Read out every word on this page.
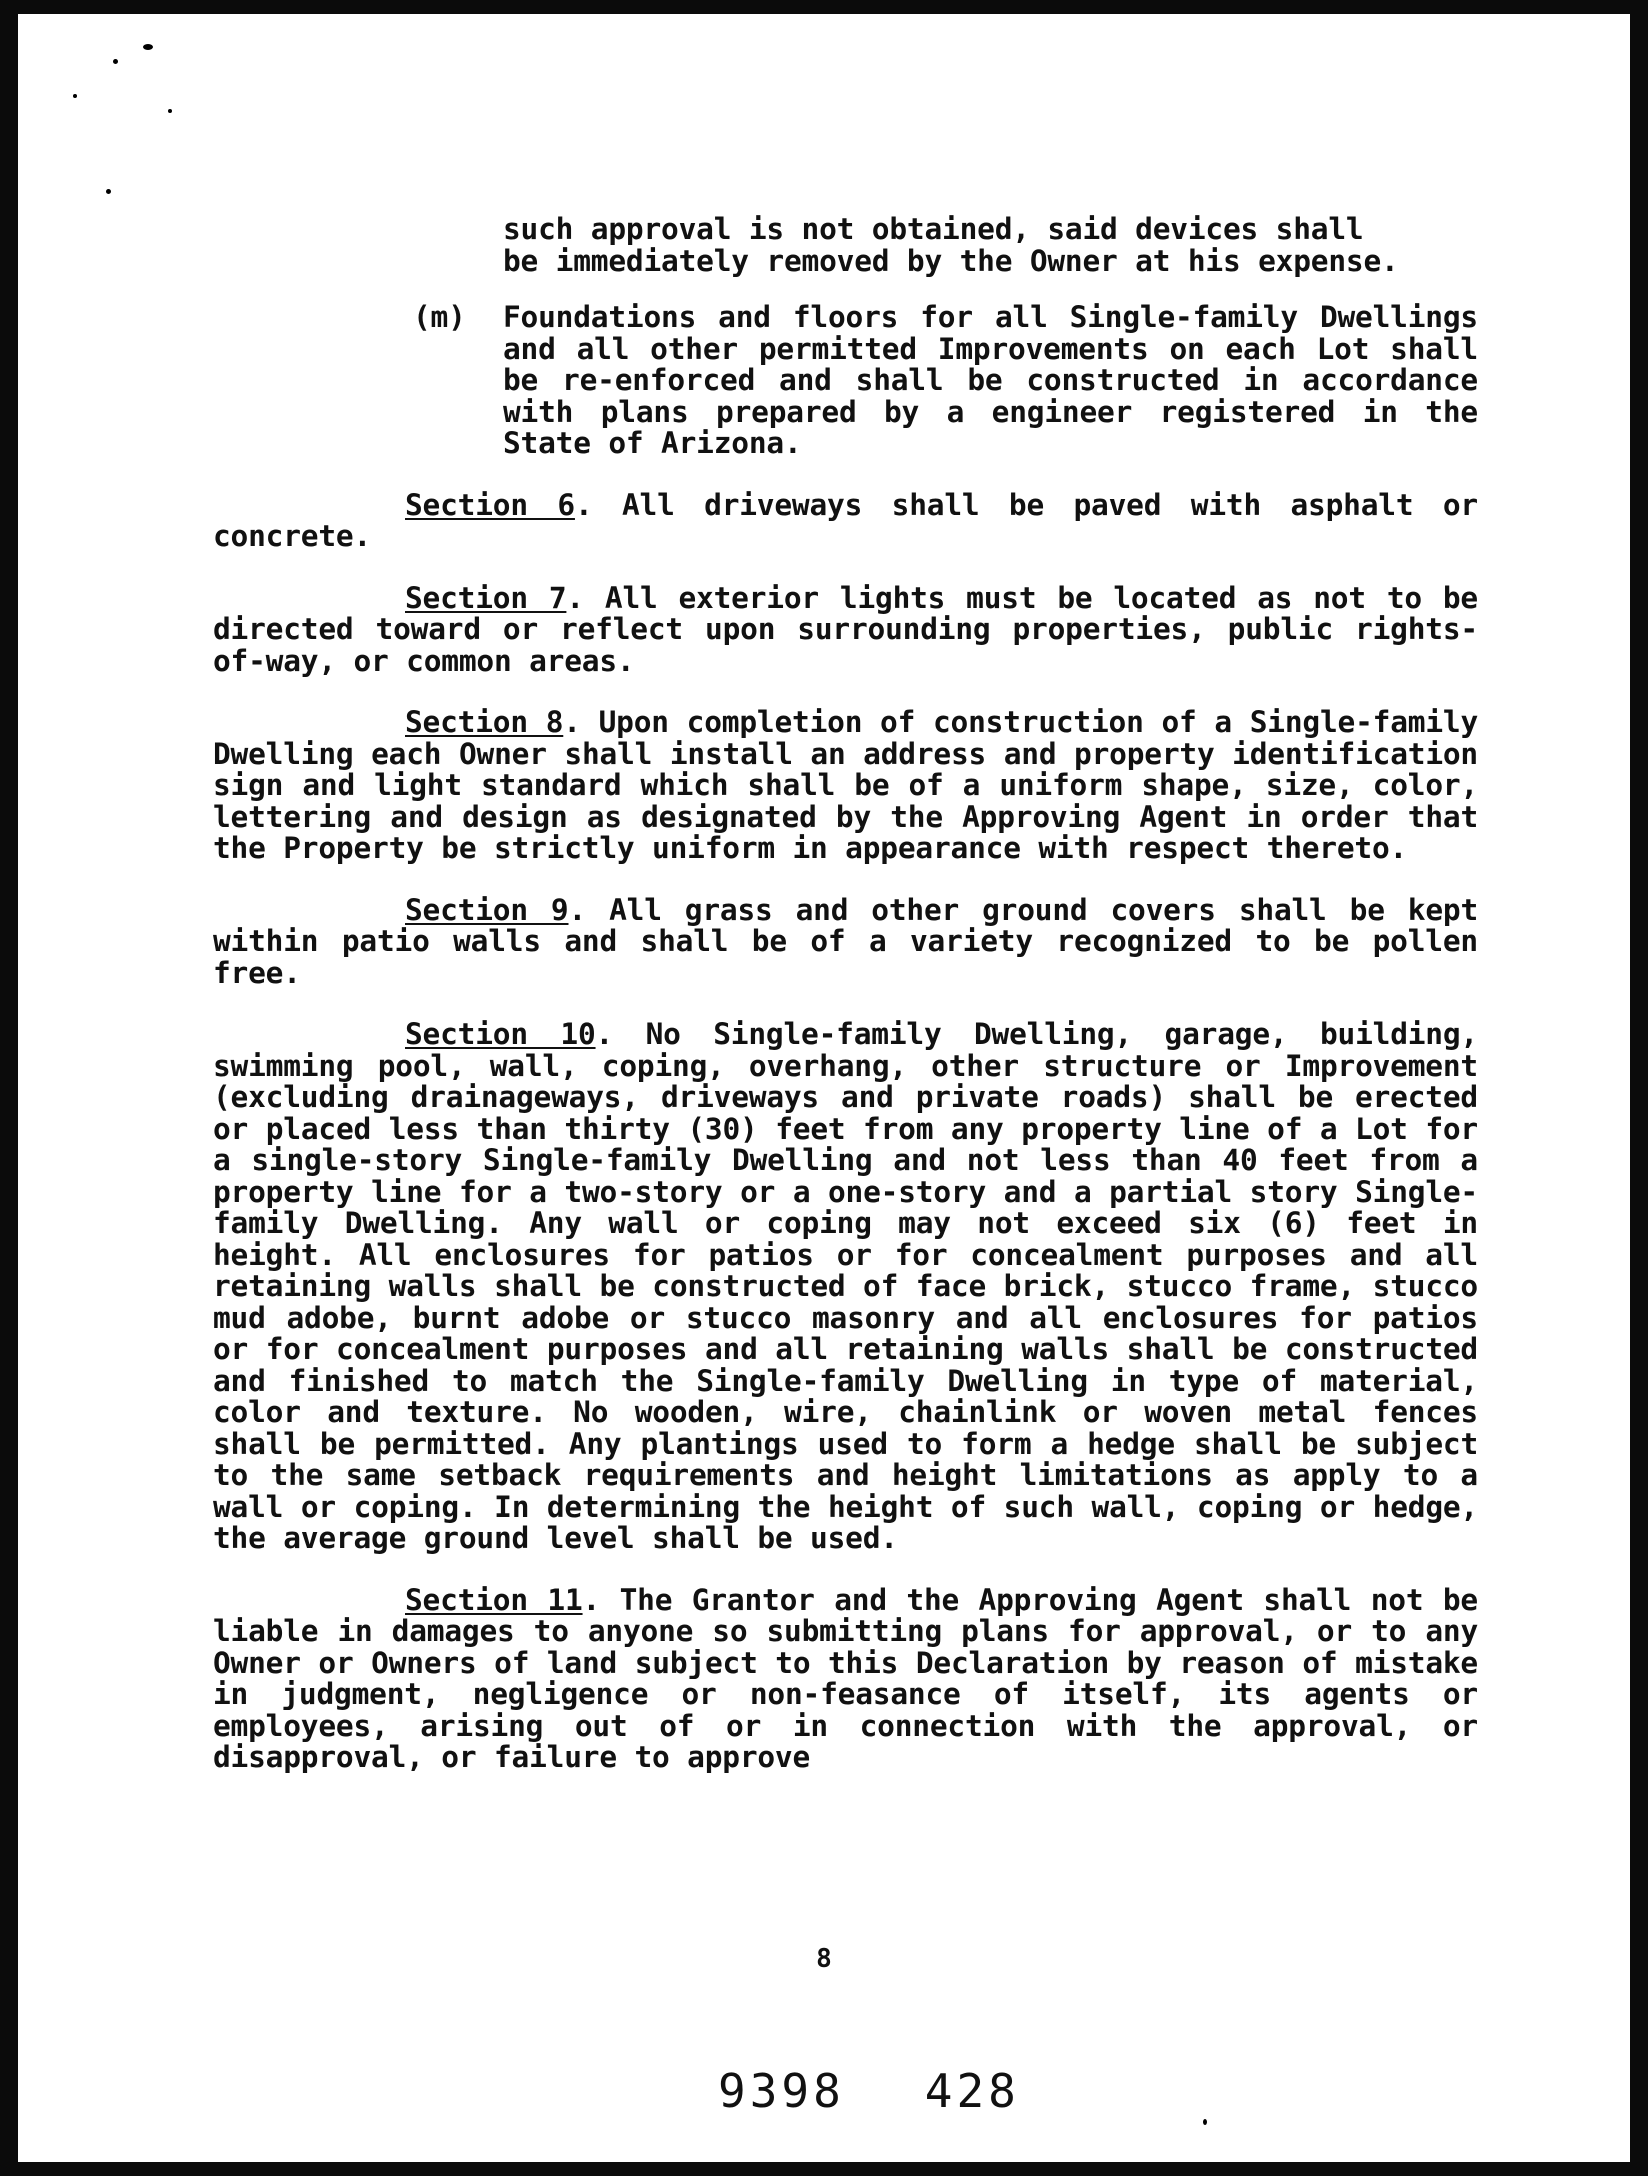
such approval is not obtained, said devices shall
be immediately removed by the Owner at his expense.
(m) Foundations and floors for all Single-family Dwellings and all other permitted Improvements on each Lot shall be re-enforced and shall be constructed in accordance with plans prepared by a engineer registered in the State of Arizona.
Section 6. All driveways shall be paved with asphalt or concrete.
Section 7. All exterior lights must be located as not to be directed toward or reflect upon surrounding properties, public rights-of-way, or common areas.
Section 8. Upon completion of construction of a Single-family Dwelling each Owner shall install an address and property identification sign and light standard which shall be of a uniform shape, size, color, lettering and design as designated by the Approving Agent in order that the Property be strictly uniform in appearance with respect thereto.
Section 9. All grass and other ground covers shall be kept within patio walls and shall be of a variety recognized to be pollen free.
Section 10. No Single-family Dwelling, garage, building, swimming pool, wall, coping, overhang, other structure or Improvement (excluding drainageways, driveways and private roads) shall be erected or placed less than thirty (30) feet from any property line of a Lot for a single-story Single-family Dwelling and not less than 40 feet from a property line for a two-story or a one-story and a partial story Single-family Dwelling. Any wall or coping may not exceed six (6) feet in height. All enclosures for patios or for concealment purposes and all retaining walls shall be constructed of face brick, stucco frame, stucco mud adobe, burnt adobe or stucco masonry and all enclosures for patios or for concealment purposes and all retaining walls shall be constructed and finished to match the Single-family Dwelling in type of material, color and texture. No wooden, wire, chainlink or woven metal fences shall be permitted. Any plantings used to form a hedge shall be subject to the same setback requirements and height limitations as apply to a wall or coping. In determining the height of such wall, coping or hedge, the average ground level shall be used.
Section 11. The Grantor and the Approving Agent shall not be liable in damages to anyone so submitting plans for approval, or to any Owner or Owners of land subject to this Declaration by reason of mistake in judgment, negligence or non-feasance of itself, its agents or employees, arising out of or in connection with the approval, or disapproval, or failure to approve
8
9398 428
